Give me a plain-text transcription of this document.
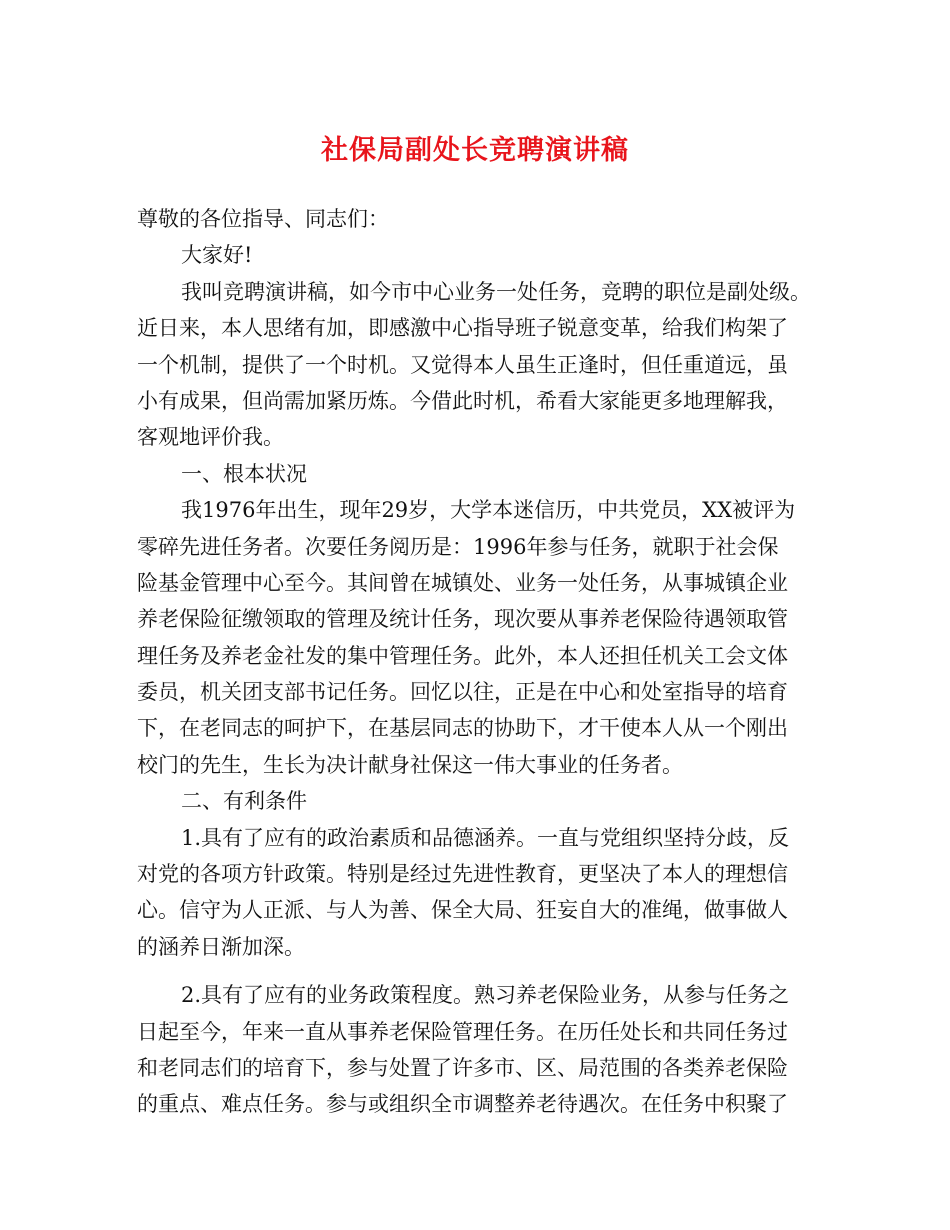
社保局副处长竞聘演讲稿
尊敬的各位指导、同志们：
大家好!
我叫竞聘演讲稿，如今市中心业务一处任务，竞聘的职位是副处级。
近日来，本人思绪有加，即感激中心指导班子锐意变革，给我们构架了
一个机制，提供了一个时机。又觉得本人虽生正逢时，但任重道远，虽
小有成果，但尚需加紧历炼。今借此时机，希看大家能更多地理解我，
客观地评价我。
一、根本状况
我1976年出生，现年29岁，大学本迷信历，中共党员，XX被评为
零碎先进任务者。次要任务阅历是：1996年参与任务，就职于社会保
险基金管理中心至今。其间曾在城镇处、业务一处任务，从事城镇企业
养老保险征缴领取的管理及统计任务，现次要从事养老保险待遇领取管
理任务及养老金社发的集中管理任务。此外，本人还担任机关工会文体
委员，机关团支部书记任务。回忆以往，正是在中心和处室指导的培育
下，在老同志的呵护下，在基层同志的协助下，才干使本人从一个刚出
校门的先生，生长为决计献身社保这一伟大事业的任务者。
二、有利条件
1.具有了应有的政治素质和品德涵养。一直与党组织坚持分歧，反
对党的各项方针政策。特别是经过先进性教育，更坚决了本人的理想信
心。信守为人正派、与人为善、保全大局、狂妄自大的准绳，做事做人
的涵养日渐加深。
2.具有了应有的业务政策程度。熟习养老保险业务，从参与任务之
日起至今，年来一直从事养老保险管理任务。在历任处长和共同任务过
和老同志们的培育下，参与处置了许多市、区、局范围的各类养老保险
的重点、难点任务。参与或组织全市调整养老待遇次。在任务中积聚了
